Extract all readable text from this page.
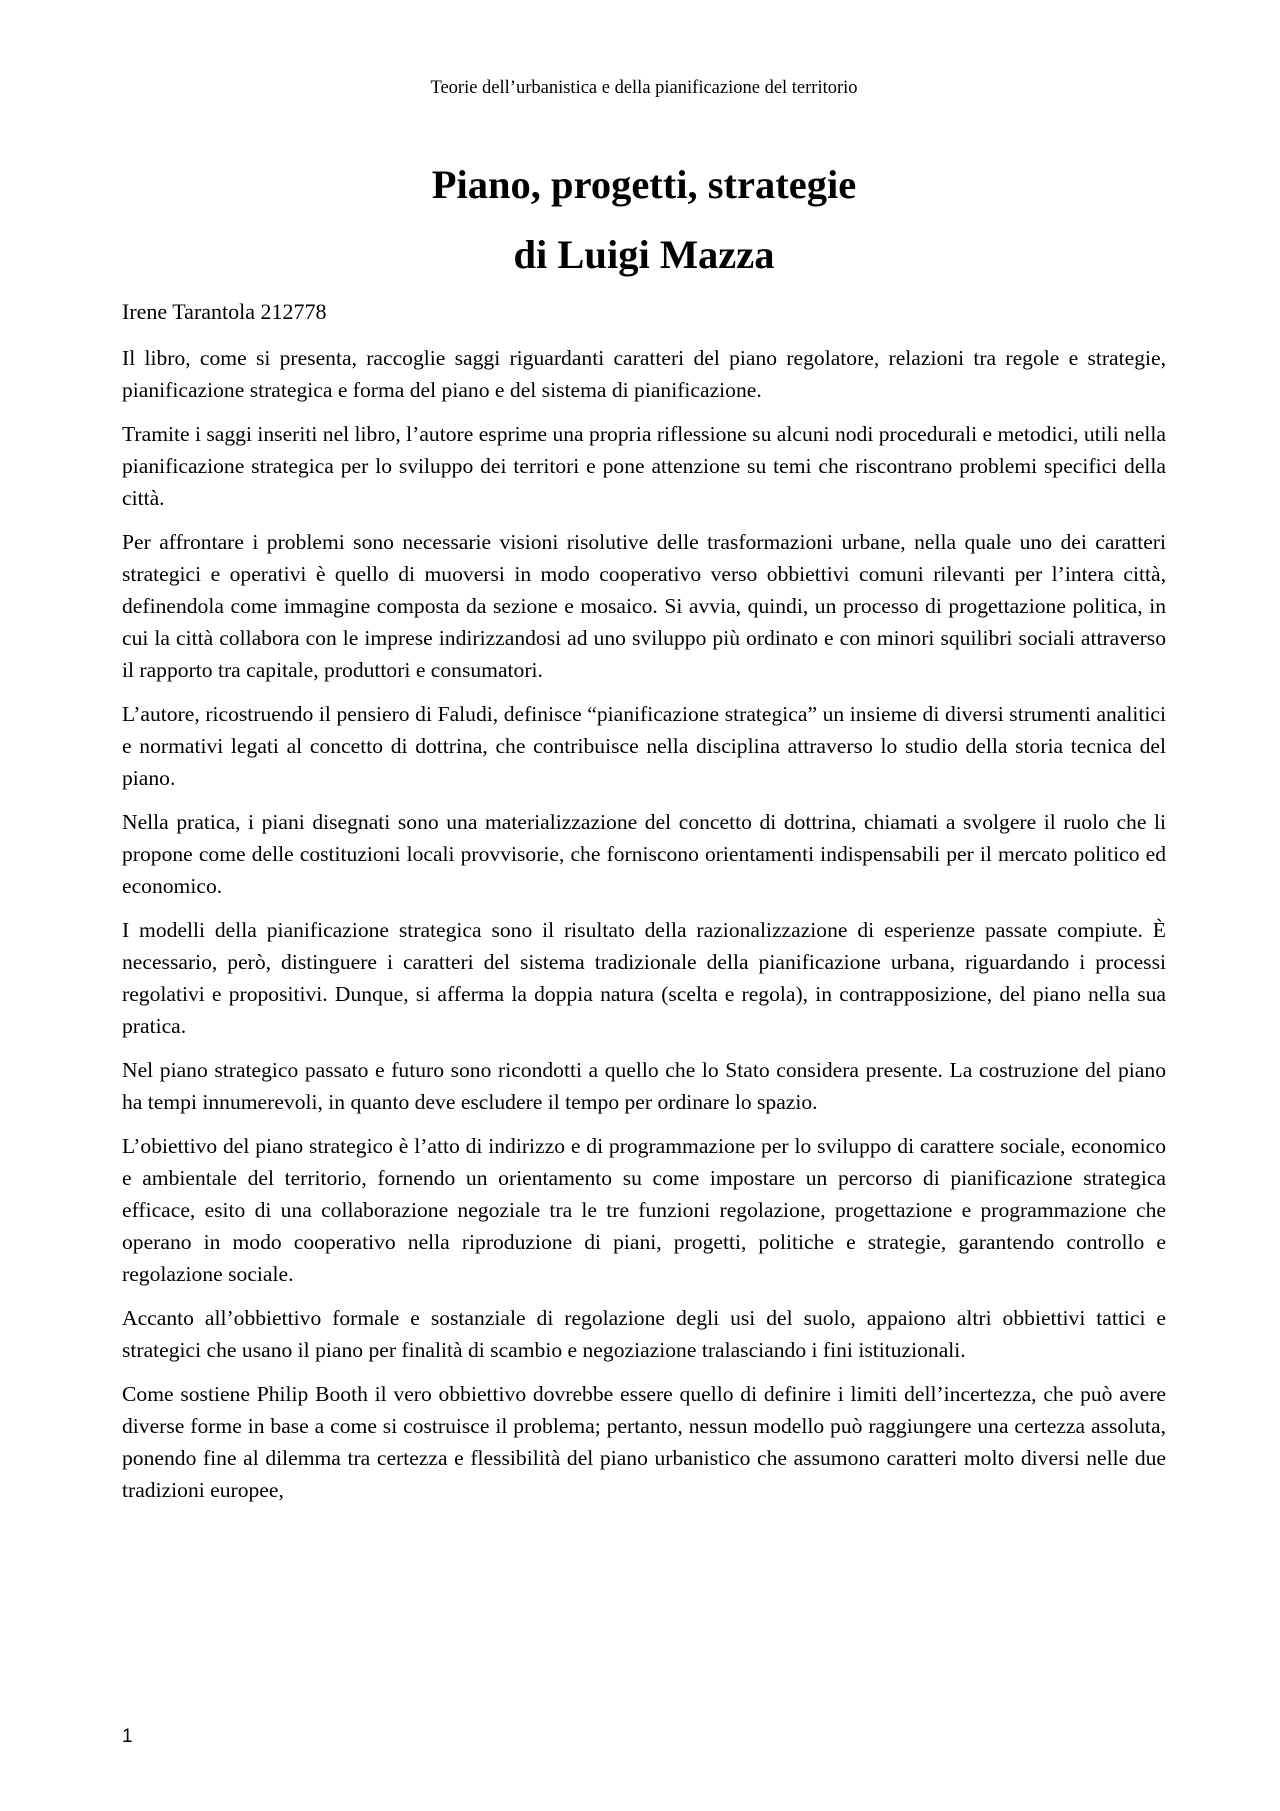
Teorie dell’urbanistica e della pianificazione del territorio
Piano, progetti, strategie
di Luigi Mazza
Irene Tarantola 212778

Il libro, come si presenta, raccoglie saggi riguardanti caratteri del piano regolatore, relazioni tra regole e strategie, pianificazione strategica e forma del piano e del sistema di pianificazione.

Tramite i saggi inseriti nel libro, l’autore esprime una propria riflessione su alcuni nodi procedurali e metodici, utili nella pianificazione strategica per lo sviluppo dei territori e pone attenzione su temi che riscontrano problemi specifici della città.

Per affrontare i problemi sono necessarie visioni risolutive delle trasformazioni urbane, nella quale uno dei caratteri strategici e operativi è quello di muoversi in modo cooperativo verso obbiettivi comuni rilevanti per l’intera città, definendola come immagine composta da sezione e mosaico. Si avvia, quindi, un processo di progettazione politica, in cui la città collabora con le imprese indirizzandosi ad uno sviluppo più ordinato e con minori squilibri sociali attraverso il rapporto tra capitale, produttori e consumatori.

L’autore, ricostruendo il pensiero di Faludi, definisce “pianificazione strategica” un insieme di diversi strumenti analitici e normativi legati al concetto di dottrina, che contribuisce nella disciplina attraverso lo studio della storia tecnica del piano.

Nella pratica, i piani disegnati sono una materializzazione del concetto di dottrina, chiamati a svolgere il ruolo che li propone come delle costituzioni locali provvisorie, che forniscono orientamenti indispensabili per il mercato politico ed economico.

I modelli della pianificazione strategica sono il risultato della razionalizzazione di esperienze passate compiute. È necessario, però, distinguere i caratteri del sistema tradizionale della pianificazione urbana, riguardando i processi regolativi e propositivi. Dunque, si afferma la doppia natura (scelta e regola), in contrapposizione, del piano nella sua pratica.

Nel piano strategico passato e futuro sono ricondotti a quello che lo Stato considera presente. La costruzione del piano ha tempi innumerevoli, in quanto deve escludere il tempo per ordinare lo spazio.

L’obiettivo del piano strategico è l’atto di indirizzo e di programmazione per lo sviluppo di carattere sociale, economico e ambientale del territorio, fornendo un orientamento su come impostare un percorso di pianificazione strategica efficace, esito di una collaborazione negoziale tra le tre funzioni regolazione, progettazione e programmazione che operano in modo cooperativo nella riproduzione di piani, progetti, politiche e strategie, garantendo controllo e regolazione sociale.

Accanto all’obbiettivo formale e sostanziale di regolazione degli usi del suolo, appaiono altri obbiettivi tattici e strategici che usano il piano per finalità di scambio e negoziazione tralasciando i fini istituzionali.

Come sostiene Philip Booth il vero obbiettivo dovrebbe essere quello di definire i limiti dell’incertezza, che può avere diverse forme in base a come si costruisce il problema; pertanto, nessun modello può raggiungere una certezza assoluta, ponendo fine al dilemma tra certezza e flessibilità del piano urbanistico che assumono caratteri molto diversi nelle due tradizioni europee,

1
